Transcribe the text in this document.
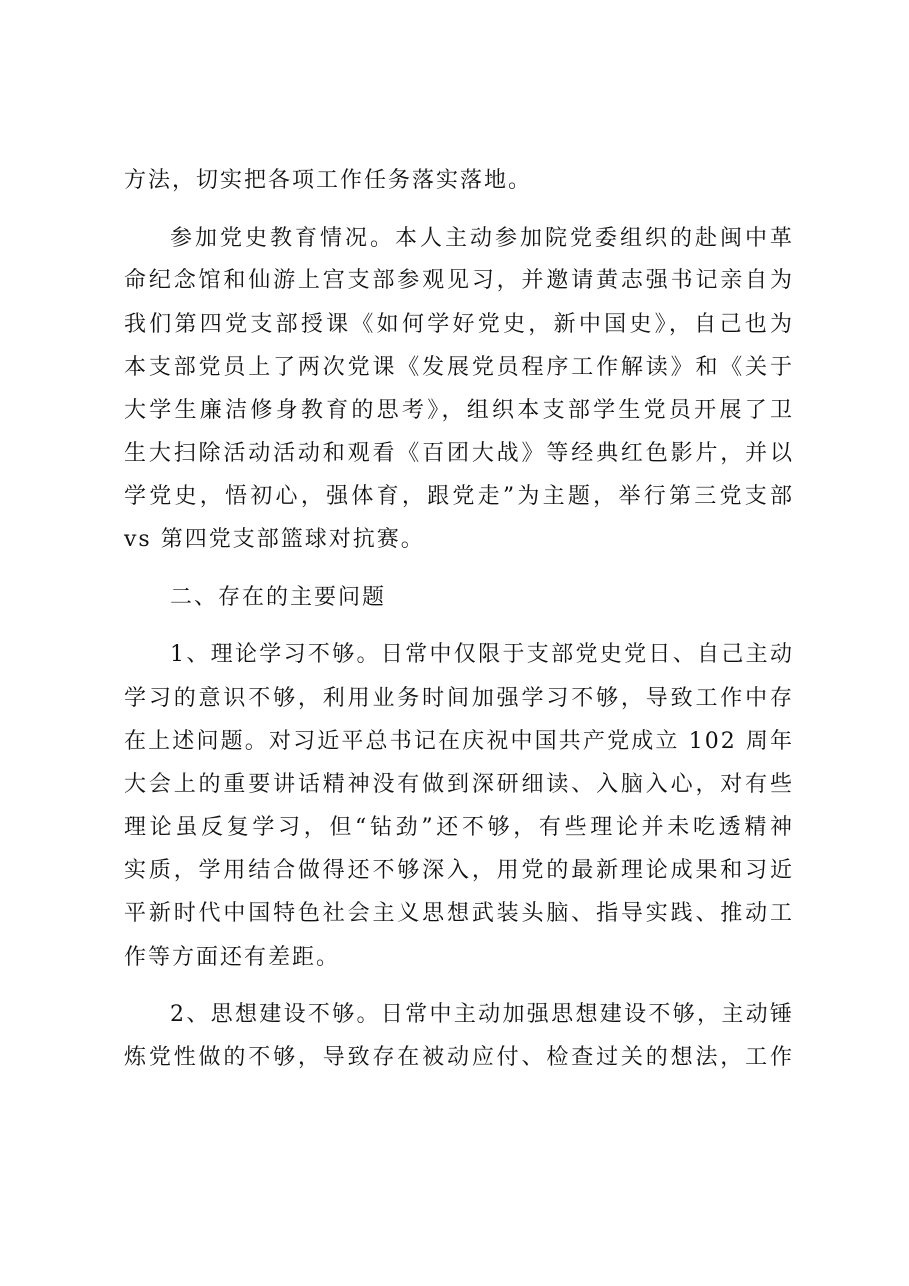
方法，切实把各项工作任务落实落地。
参加党史教育情况。本人主动参加院党委组织的赴闽中革
命纪念馆和仙游上宫支部参观见习，并邀请黄志强书记亲自为
我们第四党支部授课《如何学好党史，新中国史》，自己也为
本支部党员上了两次党课《发展党员程序工作解读》和《关于
大学生廉洁修身教育的思考》，组织本支部学生党员开展了卫
生大扫除活动活动和观看《百团大战》等经典红色影片，并以
学党史，悟初心，强体育，跟党走”为主题，举行第三党支部
vs 第四党支部篮球对抗赛。
二、存在的主要问题
1、理论学习不够。日常中仅限于支部党史党日、自己主动
学习的意识不够，利用业务时间加强学习不够，导致工作中存
在上述问题。对习近平总书记在庆祝中国共产党成立 102 周年
大会上的重要讲话精神没有做到深研细读、入脑入心，对有些
理论虽反复学习，但“钻劲”还不够，有些理论并未吃透精神
实质，学用结合做得还不够深入，用党的最新理论成果和习近
平新时代中国特色社会主义思想武装头脑、指导实践、推动工
作等方面还有差距。
2、思想建设不够。日常中主动加强思想建设不够，主动锤
炼党性做的不够，导致存在被动应付、检查过关的想法，工作
